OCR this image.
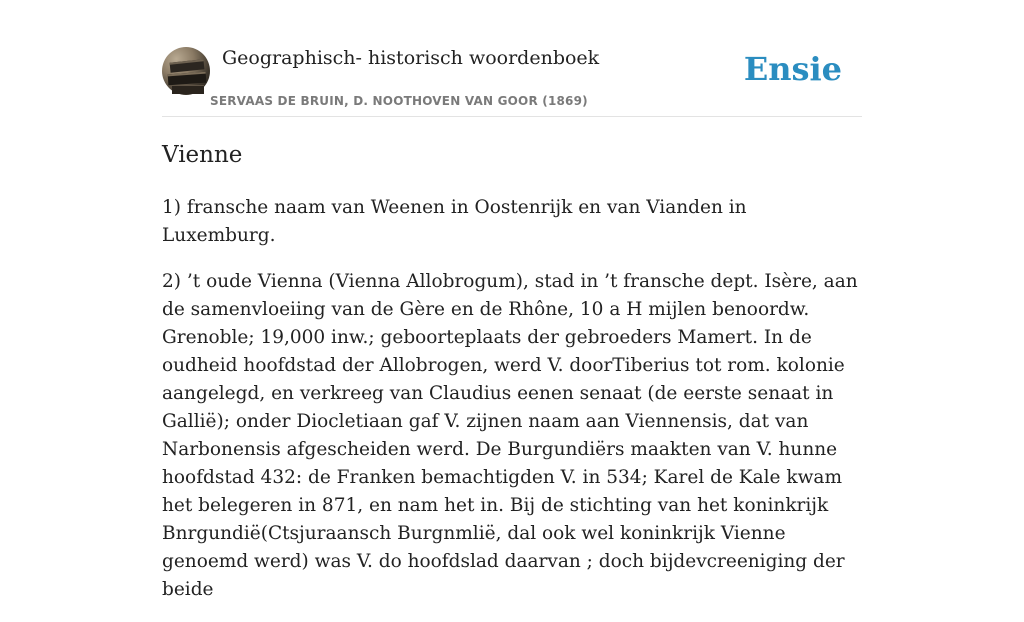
Geographisch- historisch woordenboek
SERVAAS DE BRUIN, D. NOOTHOVEN VAN GOOR (1869)
Ensie
Vienne

1) fransche naam van Weenen in Oostenrijk en van Vianden in Luxemburg.

2) ’t oude Vienna (Vienna Allobrogum), stad in ’t fransche dept. Isère, aan de samenvloeiing van de Gère en de Rhône, 10 a H mijlen benoordw. Grenoble; 19,000 inw.; geboorteplaats der gebroeders Mamert. In de oudheid hoofdstad der Allobrogen, werd V. doorTiberius tot rom. kolonie aangelegd, en verkreeg van Claudius eenen senaat (de eerste senaat in Gallië); onder Diocletiaan gaf V. zijnen naam aan Viennensis, dat van Narbonensis afgescheiden werd. De Burgundiërs maakten van V. hunne hoofdstad 432: de Franken bemachtigden V. in 534; Karel de Kale kwam het belegeren in 871, en nam het in. Bij de stichting van het koninkrijk Bnrgundië(Ctsjuraansch Burgnmlië, dal ook wel koninkrijk Vienne genoemd werd) was V. do hoofdslad daarvan ; doch bijdevcreeniging der beide
